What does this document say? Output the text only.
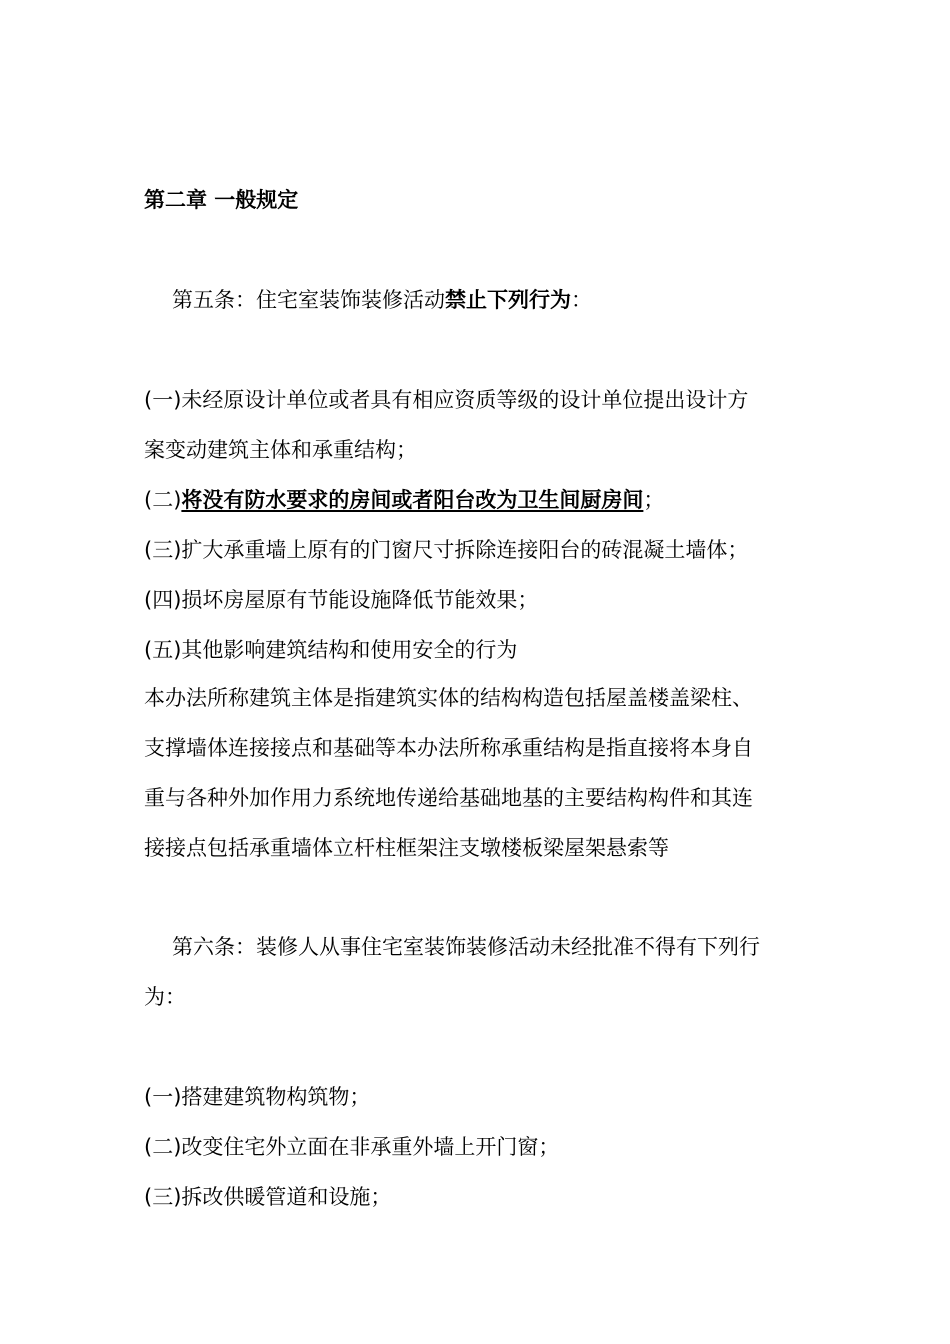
第二章 一般规定
第五条：住宅室装饰装修活动禁止下列行为：
(一)未经原设计单位或者具有相应资质等级的设计单位提出设计方
案变动建筑主体和承重结构；
(二)将没有防水要求的房间或者阳台改为卫生间厨房间；
(三)扩大承重墙上原有的门窗尺寸拆除连接阳台的砖混凝土墙体；
(四)损坏房屋原有节能设施降低节能效果；
(五)其他影响建筑结构和使用安全的行为
本办法所称建筑主体是指建筑实体的结构构造包括屋盖楼盖梁柱、
支撑墙体连接接点和基础等本办法所称承重结构是指直接将本身自
重与各种外加作用力系统地传递给基础地基的主要结构构件和其连
接接点包括承重墙体立杆柱框架注支墩楼板梁屋架悬索等
第六条：装修人从事住宅室装饰装修活动未经批准不得有下列行
为：
(一)搭建建筑物构筑物；
(二)改变住宅外立面在非承重外墙上开门窗；
(三)拆改供暖管道和设施；
